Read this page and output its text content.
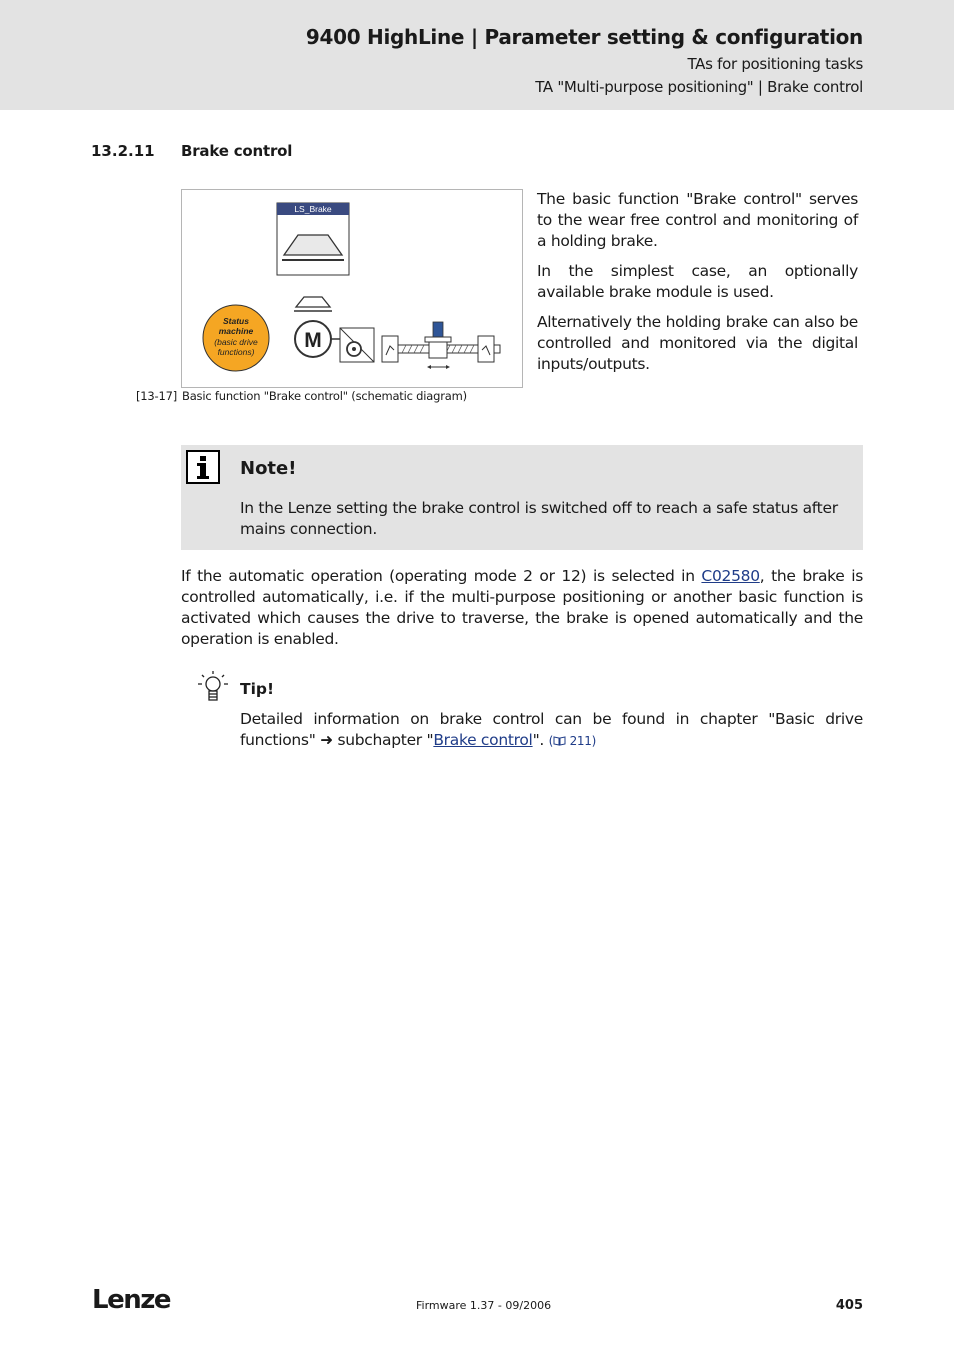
9400 HighLine | Parameter setting & configuration
TAs for positioning tasks
TA "Multi-purpose positioning" | Brake control
13.2.11 Brake control
LS_Brake
Status
machine
(basic drive
functions) M
[13-17] Basic function "Brake control" (schematic diagram)

The basic function "Brake control" serves to the wear free control and monitoring of a holding brake.

In the simplest case, an optionally available brake module is used.

Alternatively the holding brake can also be controlled and monitored via the digital inputs/outputs.

Note!
In the Lenze setting the brake control is switched off to reach a safe status after mains connection.
If the automatic operation (operating mode 2 or 12) is selected in C02580, the brake is controlled automatically, i.e. if the multi-purpose positioning or another basic function is activated which causes the drive to traverse, the brake is opened automatically and the operation is enabled.
Tip!
Detailed information on brake control can be found in chapter "Basic drive functions" ➜ subchapter "Brake control". ( 211)
Lenze	Firmware 1.37 - 09/2006	405
